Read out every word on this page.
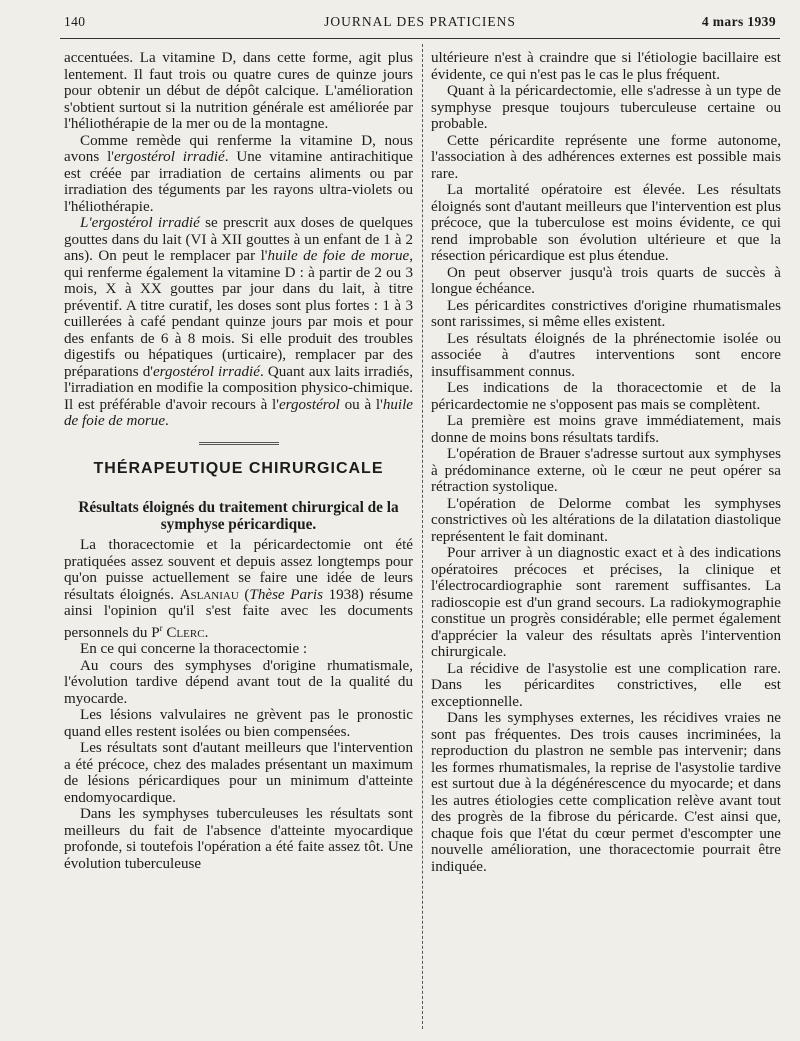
140	JOURNAL DES PRATICIENS	4 mars 1939

accentuées. La vitamine D, dans cette forme, agit plus lentement. Il faut trois ou quatre cures de quinze jours pour obtenir un début de dépôt calcique. L'amélioration s'obtient surtout si la nutrition générale est améliorée par l'héliothérapie de la mer ou de la montagne.

Comme remède qui renferme la vitamine D, nous avons l'ergostérol irradié. Une vitamine antirachitique est créée par irradiation de certains aliments ou par irradiation des téguments par les rayons ultra-violets ou l'héliothérapie.

L'ergostérol irradié se prescrit aux doses de quelques gouttes dans du lait (VI à XII gouttes à un enfant de 1 à 2 ans). On peut le remplacer par l'huile de foie de morue, qui renferme également la vitamine D : à partir de 2 ou 3 mois, X à XX gouttes par jour dans du lait, à titre préventif. A titre curatif, les doses sont plus fortes : 1 à 3 cuillerées à café pendant quinze jours par mois et pour des enfants de 6 à 8 mois. Si elle produit des troubles digestifs ou hépatiques (urticaire), remplacer par des préparations d'ergostérol irradié. Quant aux laits irradiés, l'irradiation en modifie la composition physico-chimique. Il est préférable d'avoir recours à l'ergostérol ou à l'huile de foie de morue.

THÉRAPEUTIQUE CHIRURGICALE
Résultats éloignés du traitement chirurgical de la symphyse péricardique.

La thoracectomie et la péricardectomie ont été pratiquées assez souvent et depuis assez longtemps pour qu'on puisse actuellement se faire une idée de leurs résultats éloignés. Aslaniau (Thèse Paris 1938) résume ainsi l'opinion qu'il s'est faite avec les documents personnels du $P^r$ Clerc.

En ce qui concerne la thoracectomie :

Au cours des symphyses d'origine rhumatismale, l'évolution tardive dépend avant tout de la qualité du myocarde.

Les lésions valvulaires ne grèvent pas le pronostic quand elles restent isolées ou bien compensées.

Les résultats sont d'autant meilleurs que l'intervention a été précoce, chez des malades présentant un maximum de lésions péricardiques pour un minimum d'atteinte endomyocardique.

Dans les symphyses tuberculeuses les résultats sont meilleurs du fait de l'absence d'atteinte myocardique profonde, si toutefois l'opération a été faite assez tôt. Une évolution tuberculeuse

ultérieure n'est à craindre que si l'étiologie bacillaire est évidente, ce qui n'est pas le cas le plus fréquent.

Quant à la péricardectomie, elle s'adresse à un type de symphyse presque toujours tuberculeuse certaine ou probable.

Cette péricardite représente une forme autonome, l'association à des adhérences externes est possible mais rare.

La mortalité opératoire est élevée. Les résultats éloignés sont d'autant meilleurs que l'intervention est plus précoce, que la tuberculose est moins évidente, ce qui rend improbable son évolution ultérieure et que la résection péricardique est plus étendue.

On peut observer jusqu'à trois quarts de succès à longue échéance.

Les péricardites constrictives d'origine rhumatismales sont rarissimes, si même elles existent.

Les résultats éloignés de la phrénectomie isolée ou associée à d'autres interventions sont encore insuffisamment connus.

Les indications de la thoracectomie et de la péricardectomie ne s'opposent pas mais se complètent.

La première est moins grave immédiatement, mais donne de moins bons résultats tardifs.

L'opération de Brauer s'adresse surtout aux symphyses à prédominance externe, où le cœur ne peut opérer sa rétraction systolique.

L'opération de Delorme combat les symphyses constrictives où les altérations de la dilatation diastolique représentent le fait dominant.

Pour arriver à un diagnostic exact et à des indications opératoires précoces et précises, la clinique et l'électrocardiographie sont rarement suffisantes. La radioscopie est d'un grand secours. La radiokymographie constitue un progrès considérable; elle permet également d'apprécier la valeur des résultats après l'intervention chirurgicale.

La récidive de l'asystolie est une complication rare. Dans les péricardites constrictives, elle est exceptionnelle.

Dans les symphyses externes, les récidives vraies ne sont pas fréquentes. Des trois causes incriminées, la reproduction du plastron ne semble pas intervenir; dans les formes rhumatismales, la reprise de l'asystolie tardive est surtout due à la dégénérescence du myocarde; et dans les autres étiologies cette complication relève avant tout des progrès de la fibrose du péricarde. C'est ainsi que, chaque fois que l'état du cœur permet d'escompter une nouvelle amélioration, une thoracectomie pourrait être indiquée.
